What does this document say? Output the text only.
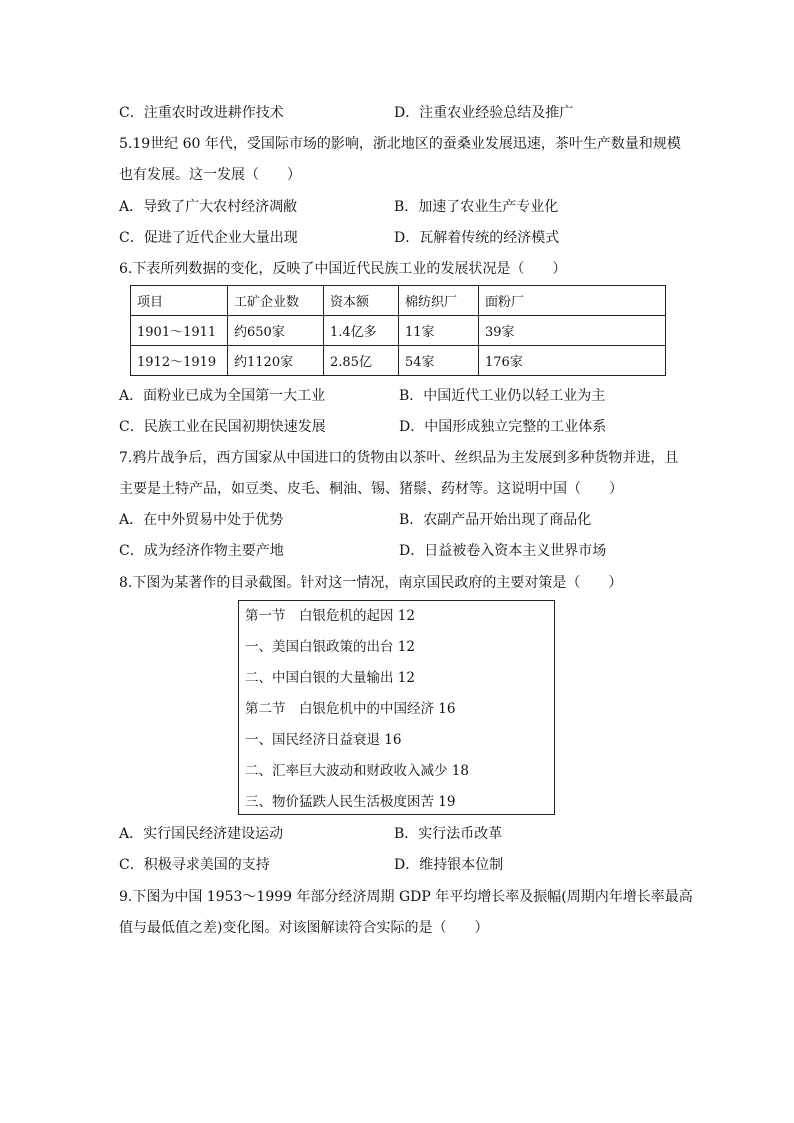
C．注重农时改进耕作技术	D．注重农业经验总结及推广
5.19世纪 60 年代，受国际市场的影响，浙北地区的蚕桑业发展迅速，茶叶生产数量和规模
也有发展。这一发展（　　）
A．导致了广大农村经济凋敝	B．加速了农业生产专业化
C．促进了近代企业大量出现	D．瓦解着传统的经济模式
6.下表所列数据的变化，反映了中国近代民族工业的发展状况是（　　）
项目	工矿企业数	资本额	棉纺织厂	面粉厂
1901～1911	约650家	1.4亿多	11家	39家
1912～1919	约1120家	2.85亿	54家	176家
A．面粉业已成为全国第一大工业	B．中国近代工业仍以轻工业为主
C．民族工业在民国初期快速发展	D．中国形成独立完整的工业体系
7.鸦片战争后，西方国家从中国进口的货物由以茶叶、丝织品为主发展到多种货物并进，且
主要是土特产品，如豆类、皮毛、桐油、锡、猪鬃、药材等。这说明中国（　　）
A．在中外贸易中处于优势	B．农副产品开始出现了商品化
C．成为经济作物主要产地	D．日益被卷入资本主义世界市场
8.下图为某著作的目录截图。针对这一情况，南京国民政府的主要对策是（　　）
第一节　白银危机的起因 12
一、美国白银政策的出台 12
二、中国白银的大量输出 12
第二节　白银危机中的中国经济 16
一、国民经济日益衰退 16
二、汇率巨大波动和财政收入减少 18
三、物价猛跌人民生活极度困苦 19
A．实行国民经济建设运动	B．实行法币改革
C．积极寻求美国的支持	D．维持银本位制
9.下图为中国 1953～1999 年部分经济周期 GDP 年平均增长率及振幅(周期内年增长率最高
值与最低值之差)变化图。对该图解读符合实际的是（　　）
